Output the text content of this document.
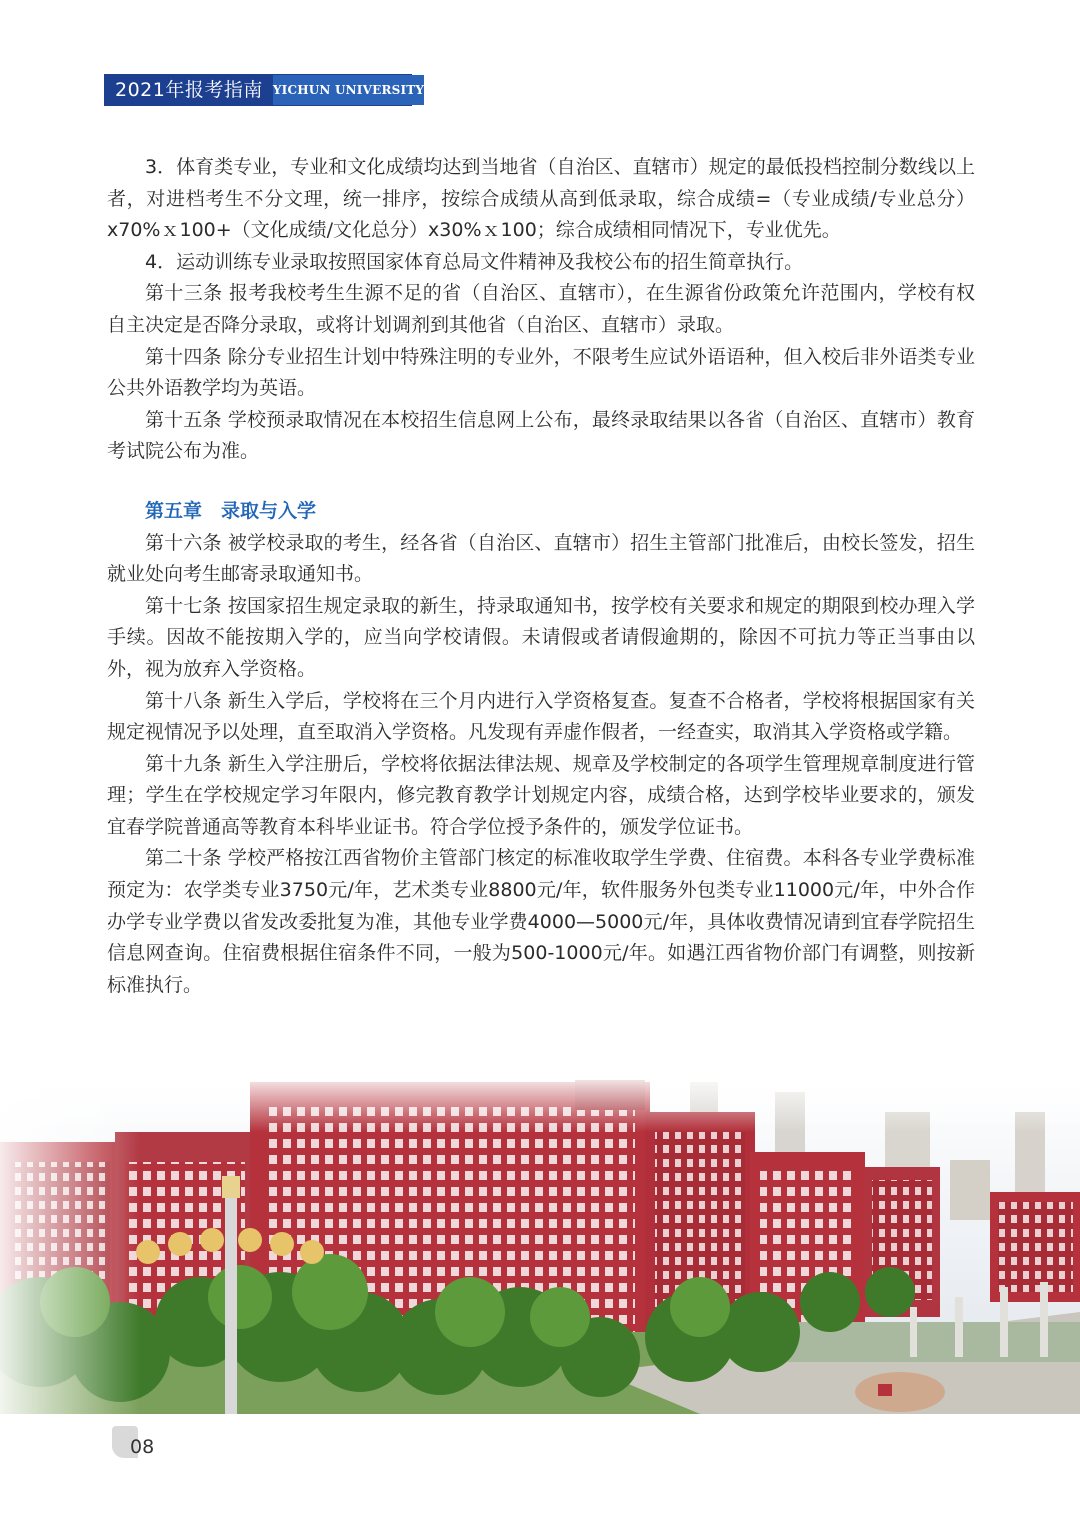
2021年报考指南 YICHUN UNIVERSITY

3．体育类专业，专业和文化成绩均达到当地省（自治区、直辖市）规定的最低投档控制分数线以上者，对进档考生不分文理，统一排序，按综合成绩从高到低录取，综合成绩=（专业成绩/专业总分）x70%ｘ100+（文化成绩/文化总分）x30%ｘ100；综合成绩相同情况下，专业优先。

4．运动训练专业录取按照国家体育总局文件精神及我校公布的招生简章执行。

第十三条 报考我校考生生源不足的省（自治区、直辖市），在生源省份政策允许范围内，学校有权自主决定是否降分录取，或将计划调剂到其他省（自治区、直辖市）录取。

第十四条 除分专业招生计划中特殊注明的专业外，不限考生应试外语语种，但入校后非外语类专业公共外语教学均为英语。

第十五条 学校预录取情况在本校招生信息网上公布，最终录取结果以各省（自治区、直辖市）教育考试院公布为准。

第五章　录取与入学

第十六条 被学校录取的考生，经各省（自治区、直辖市）招生主管部门批准后，由校长签发，招生就业处向考生邮寄录取通知书。

第十七条 按国家招生规定录取的新生，持录取通知书，按学校有关要求和规定的期限到校办理入学手续。因故不能按期入学的，应当向学校请假。未请假或者请假逾期的，除因不可抗力等正当事由以外，视为放弃入学资格。

第十八条 新生入学后，学校将在三个月内进行入学资格复查。复查不合格者，学校将根据国家有关规定视情况予以处理，直至取消入学资格。凡发现有弄虚作假者，一经查实，取消其入学资格或学籍。

第十九条 新生入学注册后，学校将依据法律法规、规章及学校制定的各项学生管理规章制度进行管理；学生在学校规定学习年限内，修完教育教学计划规定内容，成绩合格，达到学校毕业要求的，颁发宜春学院普通高等教育本科毕业证书。符合学位授予条件的，颁发学位证书。

第二十条 学校严格按江西省物价主管部门核定的标准收取学生学费、住宿费。本科各专业学费标准预定为：农学类专业3750元/年，艺术类专业8800元/年，软件服务外包类专业11000元/年，中外合作办学专业学费以省发改委批复为准，其他专业学费4000—5000元/年，具体收费情况请到宜春学院招生信息网查询。住宿费根据住宿条件不同，一般为500-1000元/年。如遇江西省物价部门有调整，则按新标准执行。

08
